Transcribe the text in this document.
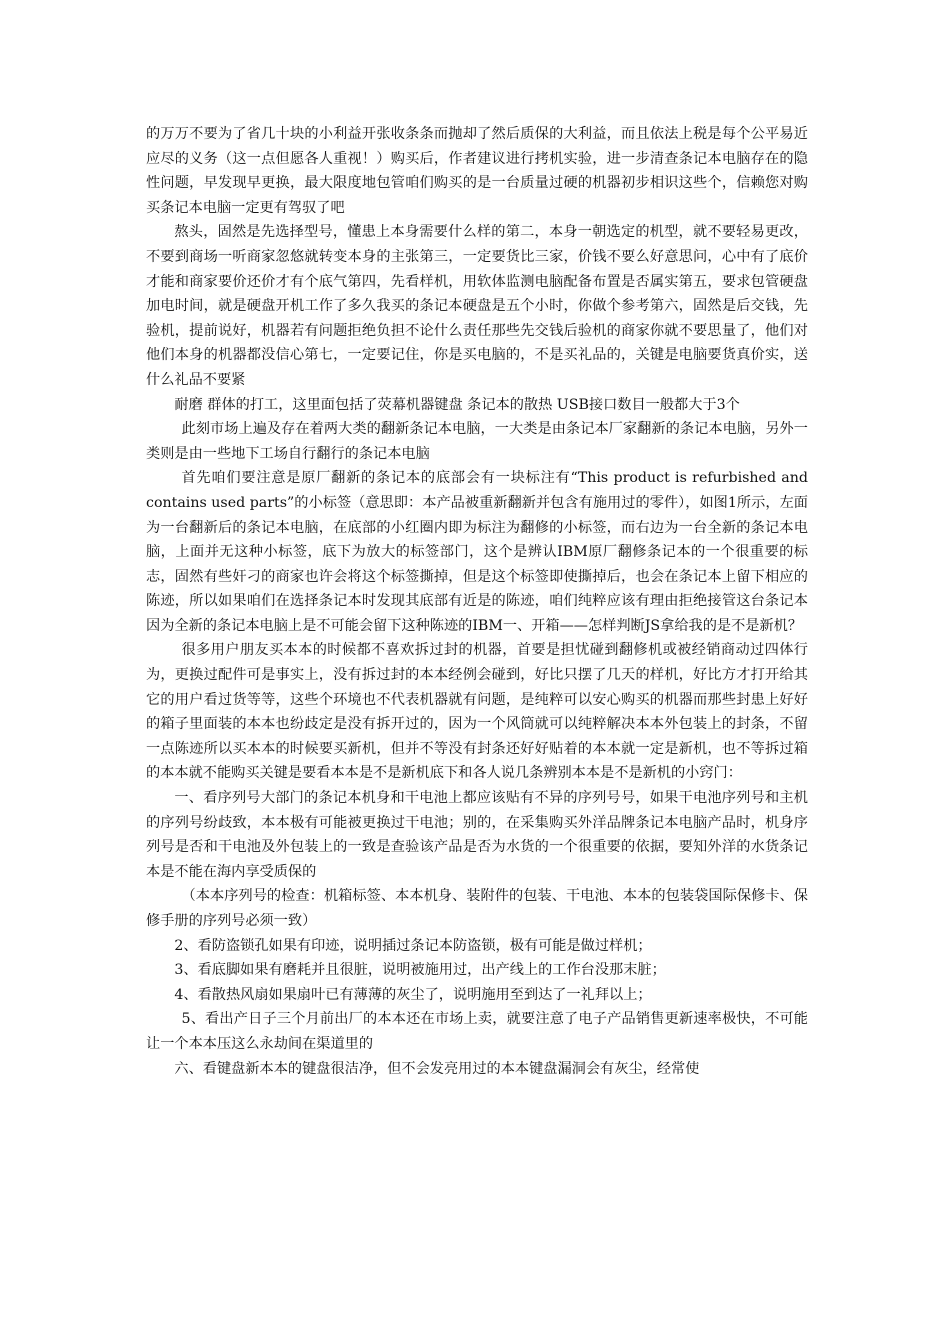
的万万不要为了省几十块的小利益开张收条条而抛却了然后质保的大利益，而且依法上税是每个公平易近应尽的义务（这一点但愿各人重视！）购买后，作者建议进行拷机实验，进一步清查条记本电脑存在的隐性问题，早发现早更换，最大限度地包管咱们购买的是一台质量过硬的机器初步相识这些个，信赖您对购买条记本电脑一定更有驾驭了吧

熬头，固然是先选择型号，懂患上本身需要什么样的第二，本身一朝选定的机型，就不要轻易更改，不要到商场一听商家忽悠就转变本身的主张第三，一定要货比三家，价钱不要么好意思问，心中有了底价才能和商家要价还价才有个底气第四，先看样机，用软体监测电脑配备布置是否属实第五，要求包管硬盘加电时间，就是硬盘开机工作了多久我买的条记本硬盘是五个小时，你做个参考第六，固然是后交钱，先验机，提前说好，机器若有问题拒绝负担不论什么责任那些先交钱后验机的商家你就不要思量了，他们对他们本身的机器都没信心第七，一定要记住，你是买电脑的，不是买礼品的，关键是电脑要货真价实，送什么礼品不要紧

耐磨 群体的打工，这里面包括了荧幕机器键盘 条记本的散热 USB接口数目一般都大于3个

此刻市场上遍及存在着两大类的翻新条记本电脑，一大类是由条记本厂家翻新的条记本电脑，另外一类则是由一些地下工场自行翻行的条记本电脑

首先咱们要注意是原厂翻新的条记本的底部会有一块标注有“This product is refurbished and contains used parts”的小标签（意思即：本产品被重新翻新并包含有施用过的零件），如图1所示，左面为一台翻新后的条记本电脑，在底部的小红圈内即为标注为翻修的小标签，而右边为一台全新的条记本电脑，上面并无这种小标签，底下为放大的标签部门，这个是辨认IBM原厂翻修条记本的一个很重要的标志，固然有些奸刁的商家也许会将这个标签撕掉，但是这个标签即使撕掉后，也会在条记本上留下相应的陈迹，所以如果咱们在选择条记本时发现其底部有近是的陈迹，咱们纯粹应该有理由拒绝接管这台条记本因为全新的条记本电脑上是不可能会留下这种陈迹的IBM一、开箱——怎样判断JS拿给我的是不是新机？

很多用户朋友买本本的时候都不喜欢拆过封的机器，首要是担忧碰到翻修机或被经销商动过四体行为，更换过配件可是事实上，没有拆过封的本本经例会碰到，好比只摆了几天的样机，好比方才打开给其它的用户看过货等等，这些个环境也不代表机器就有问题，是纯粹可以安心购买的机器而那些封患上好好的箱子里面装的本本也纷歧定是没有拆开过的，因为一个风筒就可以纯粹解决本本外包装上的封条，不留一点陈迹所以买本本的时候要买新机，但并不等没有封条还好好贴着的本本就一定是新机，也不等拆过箱的本本就不能购买关键是要看本本是不是新机底下和各人说几条辨别本本是不是新机的小窍门：

一、看序列号大部门的条记本机身和干电池上都应该贴有不异的序列号号，如果干电池序列号和主机的序列号纷歧致，本本极有可能被更换过干电池；别的，在采集购买外洋品牌条记本电脑产品时，机身序列号是否和干电池及外包装上的一致是查验该产品是否为水货的一个很重要的依据，要知外洋的水货条记本是不能在海内享受质保的

（本本序列号的检查：机箱标签、本本机身、装附件的包装、干电池、本本的包装袋国际保修卡、保修手册的序列号必须一致）

2、看防盗锁孔如果有印迹，说明插过条记本防盗锁，极有可能是做过样机；

3、看底脚如果有磨耗并且很脏，说明被施用过，出产线上的工作台没那末脏；

4、看散热风扇如果扇叶已有薄薄的灰尘了，说明施用至到达了一礼拜以上；

5、看出产日子三个月前出厂的本本还在市场上卖，就要注意了电子产品销售更新速率极快，不可能让一个本本压这么永劫间在渠道里的

六、看键盘新本本的键盘很洁净，但不会发亮用过的本本键盘漏洞会有灰尘，经常使
